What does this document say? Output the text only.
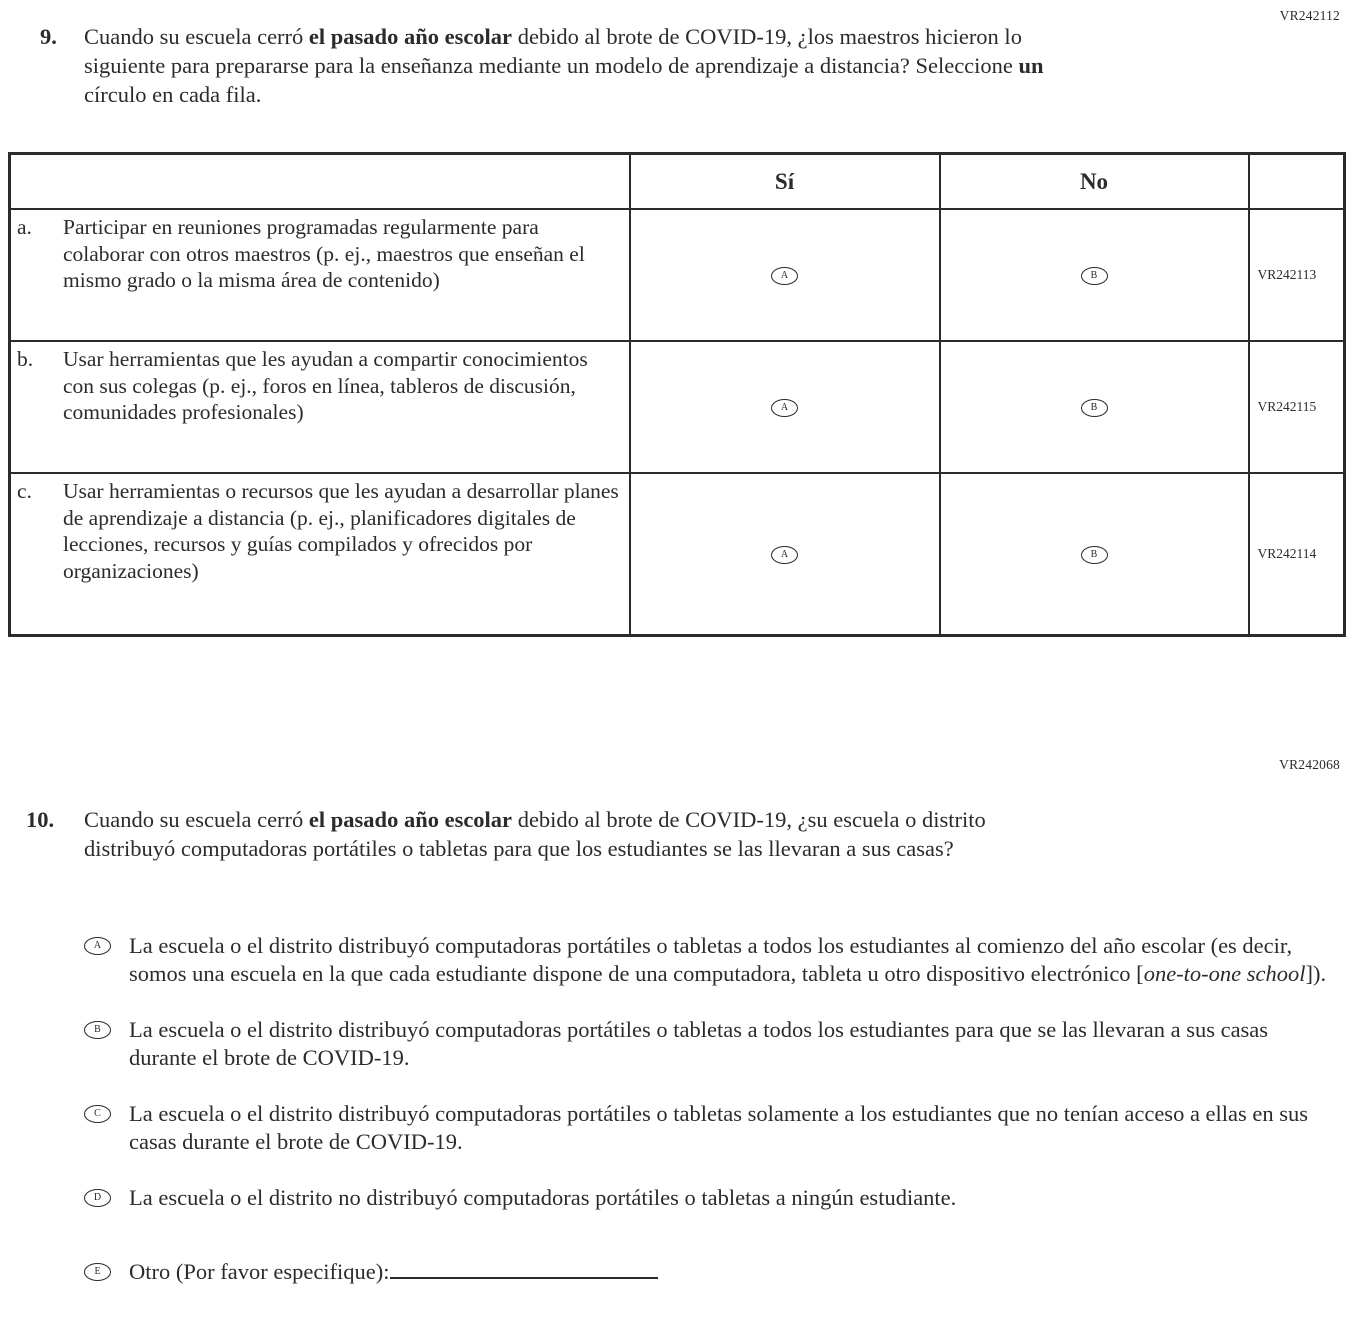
VR242112
9.	Cuando su escuela cerró el pasado año escolar debido al brote de COVID-19, ¿los maestros hicieron lo siguiente para prepararse para la enseñanza mediante un modelo de aprendizaje a distancia? Seleccione un círculo en cada fila.
	Sí	No	

a. Participar en reuniones programadas regularmente para colaborar con otros maestros (p. ej., maestros que enseñan el mismo grado o la misma área de contenido)	A	B	VR242113

b. Usar herramientas que les ayudan a compartir conocimientos con sus colegas (p. ej., foros en línea, tableros de discusión, comunidades profesionales)	A	B	VR242115

c. Usar herramientas o recursos que les ayudan a desarrollar planes de aprendizaje a distancia (p. ej., planificadores digitales de lecciones, recursos y guías compilados y ofrecidos por organizaciones)	A	B	VR242114
VR242068
10.	Cuando su escuela cerró el pasado año escolar debido al brote de COVID-19, ¿su escuela o distrito distribuyó computadoras portátiles o tabletas para que los estudiantes se las llevaran a sus casas?
A	La escuela o el distrito distribuyó computadoras portátiles o tabletas a todos los estudiantes al comienzo del año escolar (es decir, somos una escuela en la que cada estudiante dispone de una computadora, tableta u otro dispositivo electrónico [one-to-one school]).
B	La escuela o el distrito distribuyó computadoras portátiles o tabletas a todos los estudiantes para que se las llevaran a sus casas durante el brote de COVID-19.
C	La escuela o el distrito distribuyó computadoras portátiles o tabletas solamente a los estudiantes que no tenían acceso a ellas en sus casas durante el brote de COVID-19.
D	La escuela o el distrito no distribuyó computadoras portátiles o tabletas a ningún estudiante.
E	Otro (Por favor especifique):
